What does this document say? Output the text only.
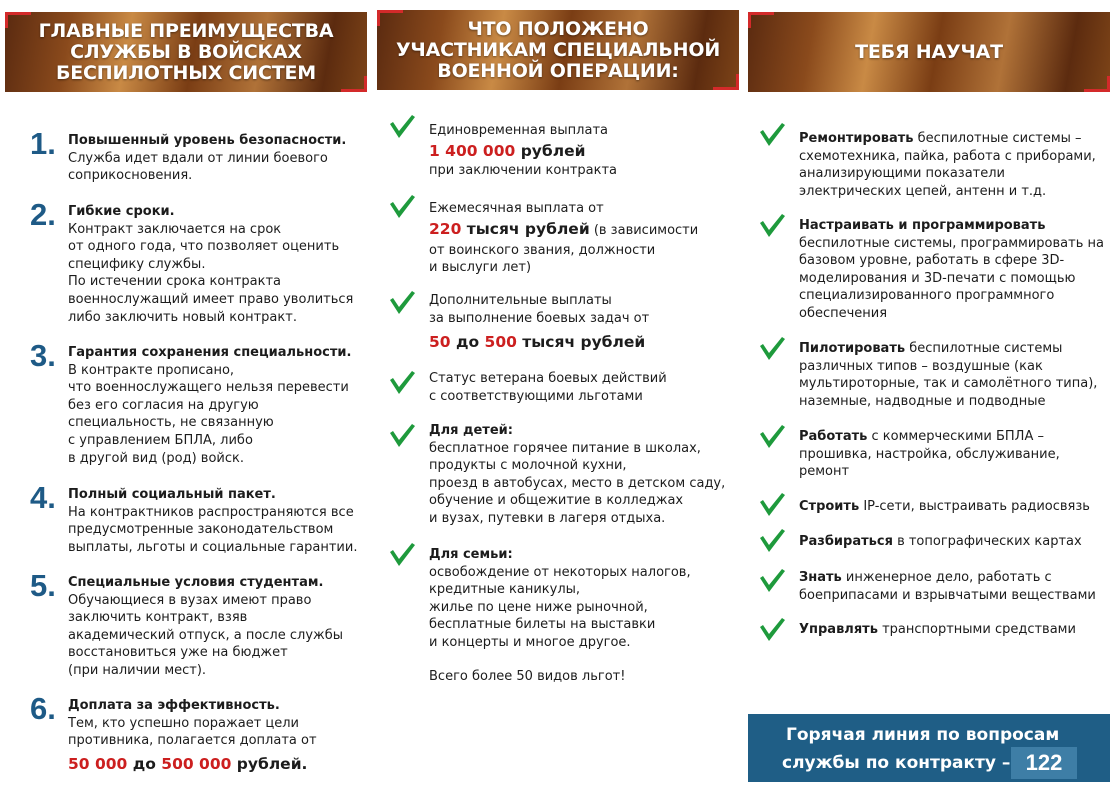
ГЛАВНЫЕ ПРЕИМУЩЕСТВА
СЛУЖБЫ В ВОЙСКАХ
БЕСПИЛОТНЫХ СИСТЕМ
ЧТО ПОЛОЖЕНО
УЧАСТНИКАМ СПЕЦИАЛЬНОЙ
ВОЕННОЙ ОПЕРАЦИИ:
ТЕБЯ НАУЧАТ
1. Повышенный уровень безопасности.
Служба идет вдали от линии боевого
соприкосновения.
2. Гибкие сроки.
Контракт заключается на срок
от одного года, что позволяет оценить
специфику службы.
По истечении срока контракта
военнослужащий имеет право уволиться
либо заключить новый контракт.
3. Гарантия сохранения специальности.
В контракте прописано,
что военнослужащего нельзя перевести
без его согласия на другую
специальность, не связанную
с управлением БПЛА, либо
в другой вид (род) войск.
4. Полный социальный пакет.
На контрактников распространяются все
предусмотренные законодательством
выплаты, льготы и социальные гарантии.
5. Специальные условия студентам.
Обучающиеся в вузах имеют право
заключить контракт, взяв
академический отпуск, а после службы
восстановиться уже на бюджет
(при наличии мест).
6. Доплата за эффективность.
Тем, кто успешно поражает цели
противника, полагается доплата от
50 000 до 500 000 рублей.
Единовременная выплата
1 400 000 рублей
при заключении контракта
Ежемесячная выплата от
220 тысяч рублей (в зависимости
от воинского звания, должности
и выслуги лет)
Дополнительные выплаты
за выполнение боевых задач от
50 до 500 тысяч рублей
Статус ветерана боевых действий
с соответствующими льготами
Для детей:
бесплатное горячее питание в школах,
продукты с молочной кухни,
проезд в автобусах, место в детском саду,
обучение и общежитие в колледжах
и вузах, путевки в лагеря отдыха.
Для семьи:
освобождение от некоторых налогов,
кредитные каникулы,
жилье по цене ниже рыночной,
бесплатные билеты на выставки
и концерты и многое другое.
Всего более 50 видов льгот!
Ремонтировать беспилотные системы – схемотехника, пайка, работа с приборами, анализирующими показатели электрических цепей, антенн и т.д.
Настраивать и программировать беспилотные системы, программировать на базовом уровне, работать в сфере 3D-моделирования и 3D-печати с помощью специализированного программного обеспечения
Пилотировать беспилотные системы различных типов – воздушные (как мультироторные, так и самолётного типа), наземные, надводные и подводные
Работать с коммерческими БПЛА – прошивка, настройка, обслуживание, ремонт
Строить IP-сети, выстраивать радиосвязь
Разбираться в топографических картах
Знать инженерное дело, работать с боеприпасами и взрывчатыми веществами
Управлять транспортными средствами
Горячая линия по вопросам
службы по контракту – 122
